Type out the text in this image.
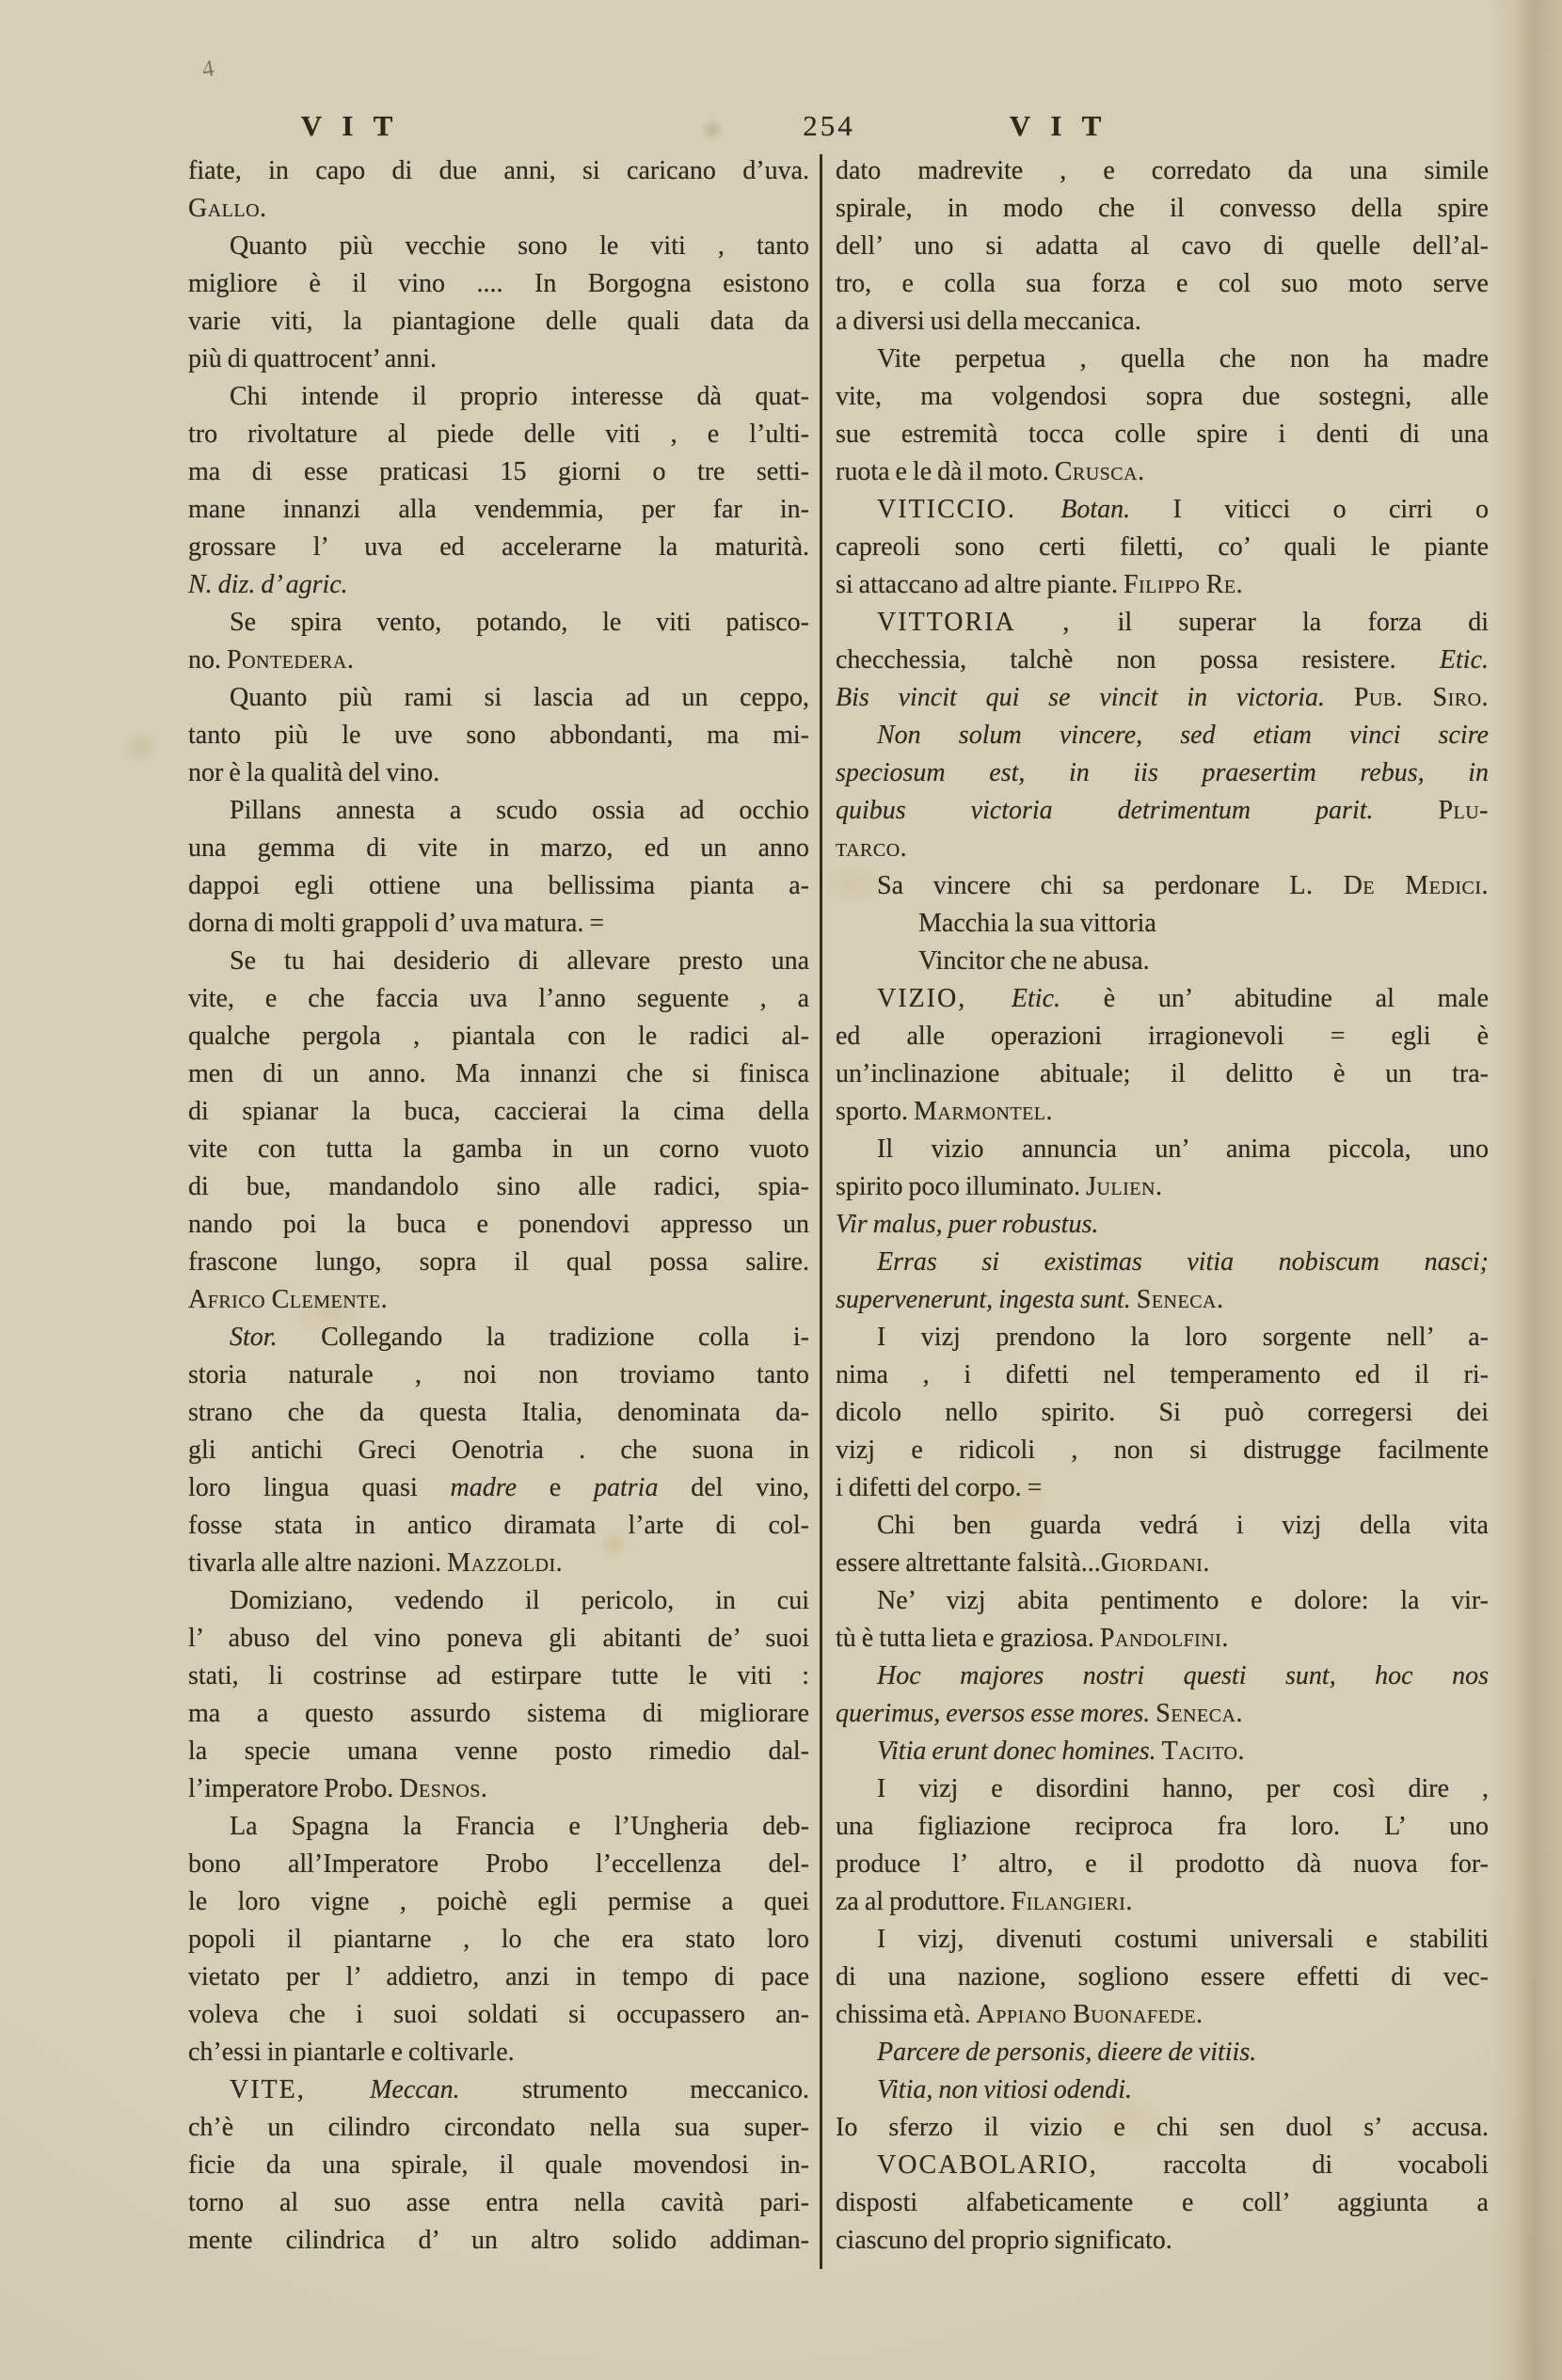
4
V I T	254	V I T
fiate, in capo di due anni, si caricano d’uva.
Gallo.
Quanto più vecchie sono le viti , tanto
migliore è il vino .... In Borgogna esistono
varie viti, la piantagione delle quali data da
più di quattrocent’ anni.
Chi intende il proprio interesse dà quat-
tro rivoltature al piede delle viti , e l’ulti-
ma di esse praticasi 15 giorni o tre setti-
mane innanzi alla vendemmia, per far in-
grossare l’ uva ed accelerarne la maturità.
N. diz. d’ agric.
Se spira vento, potando, le viti patisco-
no. Pontedera.
Quanto più rami si lascia ad un ceppo,
tanto più le uve sono abbondanti, ma mi-
nor è la qualità del vino.
Pillans annesta a scudo ossia ad occhio
una gemma di vite in marzo, ed un anno
dappoi egli ottiene una bellissima pianta a-
dorna di molti grappoli d’ uva matura. =
Se tu hai desiderio di allevare presto una
vite, e che faccia uva l’anno seguente , a
qualche pergola , piantala con le radici al-
men di un anno. Ma innanzi che si finisca
di spianar la buca, caccierai la cima della
vite con tutta la gamba in un corno vuoto
di bue, mandandolo sino alle radici, spia-
nando poi la buca e ponendovi appresso un
frascone lungo, sopra il qual possa salire.
Africo Clemente.
Stor. Collegando la tradizione colla i-
storia naturale , noi non troviamo tanto
strano che da questa Italia, denominata da-
gli antichi Greci Oenotria . che suona in
loro lingua quasi madre e patria del vino,
fosse stata in antico diramata l’arte di col-
tivarla alle altre nazioni. Mazzoldi.
Domiziano, vedendo il pericolo, in cui
l’ abuso del vino poneva gli abitanti de’ suoi
stati, li costrinse ad estirpare tutte le viti :
ma a questo assurdo sistema di migliorare
la specie umana venne posto rimedio dal-
l’imperatore Probo. Desnos.
La Spagna la Francia e l’Ungheria deb-
bono all’Imperatore Probo l’eccellenza del-
le loro vigne , poichè egli permise a quei
popoli il piantarne , lo che era stato loro
vietato per l’ addietro, anzi in tempo di pace
voleva che i suoi soldati si occupassero an-
ch’essi in piantarle e coltivarle.
VITE, Meccan. strumento meccanico.
ch’è un cilindro circondato nella sua super-
ficie da una spirale, il quale movendosi in-
torno al suo asse entra nella cavità pari-
mente cilindrica d’ un altro solido addiman-
dato madrevite , e corredato da una simile
spirale, in modo che il convesso della spire
dell’ uno si adatta al cavo di quelle dell’al-
tro, e colla sua forza e col suo moto serve
a diversi usi della meccanica.
Vite perpetua , quella che non ha madre
vite, ma volgendosi sopra due sostegni, alle
sue estremità tocca colle spire i denti di una
ruota e le dà il moto. Crusca.
VITICCIO. Botan. I viticci o cirri o
capreoli sono certi filetti, co’ quali le piante
si attaccano ad altre piante. Filippo Re.
VITTORIA , il superar la forza di
checchessia, talchè non possa resistere. Etic.
Bis vincit qui se vincit in victoria. Pub. Siro.
Non solum vincere, sed etiam vinci scire
speciosum est, in iis praesertim rebus, in
quibus victoria detrimentum parit. Plu-
tarco.
Sa vincere chi sa perdonare L. De Medici.
Macchia la sua vittoria
Vincitor che ne abusa.
VIZIO, Etic. è un’ abitudine al male
ed alle operazioni irragionevoli = egli è
un’inclinazione abituale; il delitto è un tra-
sporto. Marmontel.
Il vizio annuncia un’ anima piccola, uno
spirito poco illuminato. Julien.
Vir malus, puer robustus.
Erras si existimas vitia nobiscum nasci;
supervenerunt, ingesta sunt. Seneca.
I vizj prendono la loro sorgente nell’ a-
nima , i difetti nel temperamento ed il ri-
dicolo nello spirito. Si può corregersi dei
vizj e ridicoli , non si distrugge facilmente
i difetti del corpo. =
Chi ben guarda vedrá i vizj della vita
essere altrettante falsità...Giordani.
Ne’ vizj abita pentimento e dolore: la vir-
tù è tutta lieta e graziosa. Pandolfini.
Hoc majores nostri questi sunt, hoc nos
querimus, eversos esse mores. Seneca.
Vitia erunt donec homines. Tacito.
I vizj e disordini hanno, per così dire ,
una figliazione reciproca fra loro. L’ uno
produce l’ altro, e il prodotto dà nuova for-
za al produttore. Filangieri.
I vizj, divenuti costumi universali e stabiliti
di una nazione, sogliono essere effetti di vec-
chissima età. Appiano Buonafede.
Parcere de personis, dieere de vitiis.
Vitia, non vitiosi odendi.
Io sferzo il vizio e chi sen duol s’ accusa.
VOCABOLARIO, raccolta di vocaboli
disposti alfabeticamente e coll’ aggiunta a
ciascuno del proprio significato.
